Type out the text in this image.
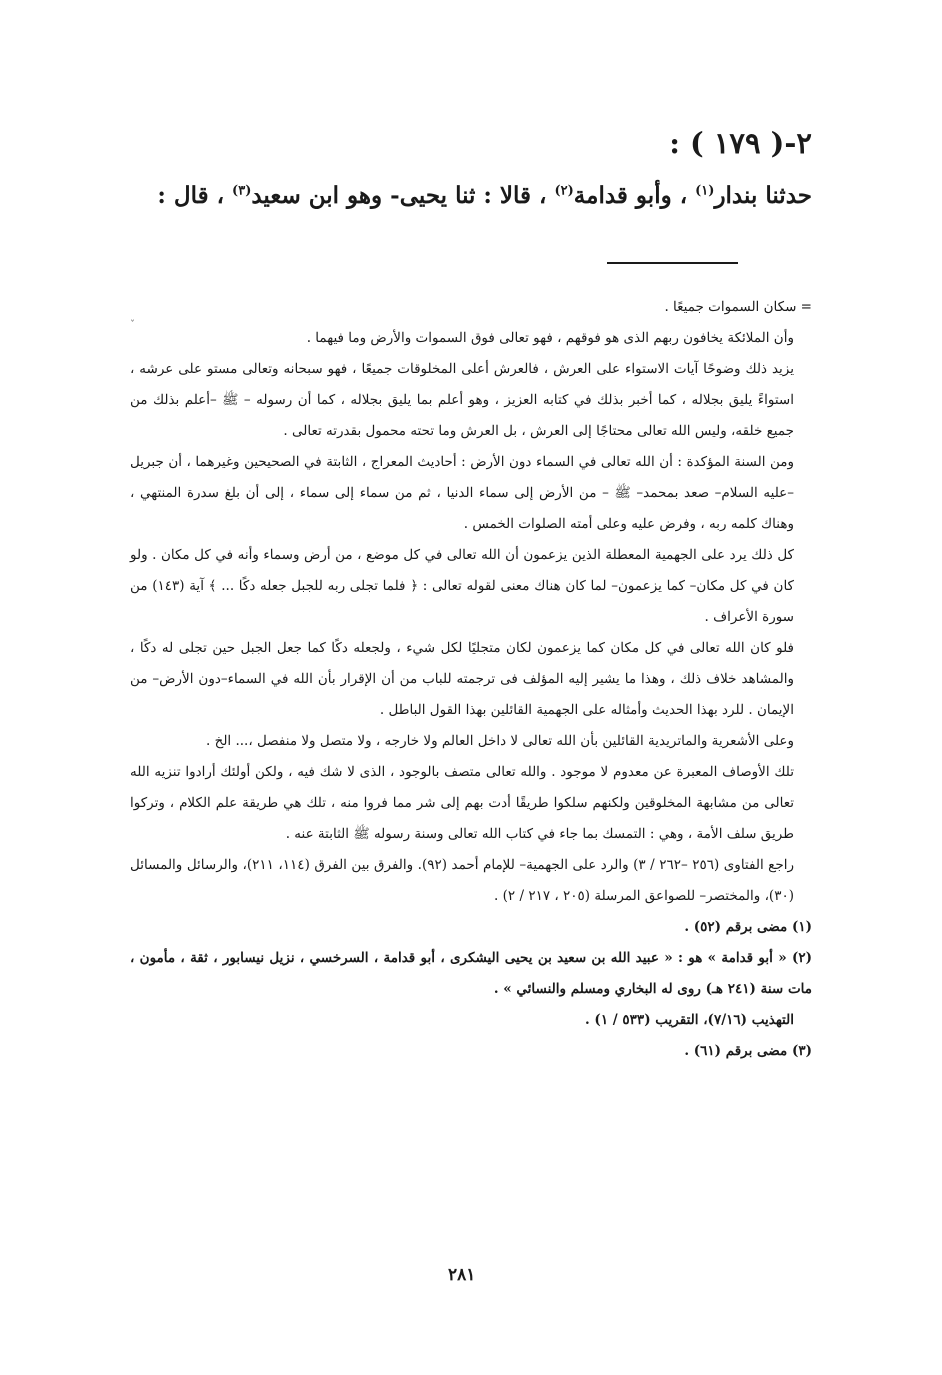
٢-( ١٧٩ ) :
حدثنا بندار$^{(١)}$ ، وأبو قدامة$^{(٢)}$ ، قالا : ثنا يحيى- وهو ابن سعيد$^{(٣)}$ ، قال :
ˇ

= سكان السموات جميعًا .

وأن الملائكة يخافون ربهم الذى هو فوقهم ، فهو تعالى فوق السموات والأرض وما فيهما .

يزيد ذلك وضوحًا آيات الاستواء على العرش ، فالعرش أعلى المخلوقات جميعًا ، فهو سبحانه وتعالى مستو على عرشه ، استواءً يليق بجلاله ، كما أخبر بذلك في كتابه العزيز ، وهو أعلم بما يليق بجلاله ، كما أن رسوله – ﷺ –أعلم بذلك من جميع خلقه، وليس الله تعالى محتاجًا إلى العرش ، بل العرش وما تحته محمول بقدرته تعالى .

ومن السنة المؤكدة : أن الله تعالى في السماء دون الأرض : أحاديث المعراج ، الثابتة في الصحيحين وغيرهما ، أن جبريل –عليه السلام– صعد بمحمد– ﷺ – من الأرض إلى سماء الدنيا ، ثم من سماء إلى سماء ، إلى أن بلغ سدرة المنتهي ، وهناك كلمه ربه ، وفرض عليه وعلى أمته الصلوات الخمس .

كل ذلك يرد على الجهمية المعطلة الذين يزعمون أن الله تعالى في كل موضع ، من أرض وسماء وأنه في كل مكان . ولو كان في كل مكان– كما يزعمون– لما كان هناك معنى لقوله تعالى : ﴿ فلما تجلى ربه للجبل جعله دكًا ... ﴾ آية (١٤٣) من سورة الأعراف .

فلو كان الله تعالى في كل مكان كما يزعمون لكان متجليًا لكل شيء ، ولجعله دكًا كما جعل الجبل حين تجلى له دكًا ، والمشاهد خلاف ذلك ، وهذا ما يشير إليه المؤلف فى ترجمته للباب من أن الإقرار بأن الله في السماء–دون الأرض– من الإيمان . للرد بهذا الحديث وأمثاله على الجهمية القائلين بهذا القول الباطل .

وعلى الأشعرية والماتريدية القائلين بأن الله تعالى لا داخل العالم ولا خارجه ، ولا متصل ولا منفصل ،... الخ .

تلك الأوصاف المعبرة عن معدوم لا موجود . والله تعالى متصف بالوجود ، الذى لا شك فيه ، ولكن أولئك أرادوا تنزيه الله تعالى من مشابهة المخلوقين ولكنهم سلكوا طريقًا أدت بهم إلى شر مما فروا منه ، تلك هي طريقة علم الكلام ، وتركوا طريق سلف الأمة ، وهي : التمسك بما جاء في كتاب الله تعالى وسنة رسوله ﷺ الثابتة عنه .

راجع الفتاوى (٢٥٦ –٢٦٢ / ٣) والرد على الجهمية– للإمام أحمد (٩٢). والفرق بين الفرق (١١٤، ٢١١)، والرسائل والمسائل (٣٠)، والمختصر– للصواعق المرسلة (٢٠٥ ، ٢١٧ / ٢) .

(١) مضى برقم (٥٢) .

(٢) « أبو قدامة » هو : « عبيد الله بن سعيد بن يحيى اليشكرى ، أبو قدامة ، السرخسي ، نزيل نيسابور ، ثقة ، مأمون ، مات سنة (٢٤١ هـ) روى له البخاري ومسلم والنسائي » .

التهذيب (٧/١٦)، التقريب (٥٣٣ / ١) .

(٣) مضى برقم (٦١) .

٢٨١
